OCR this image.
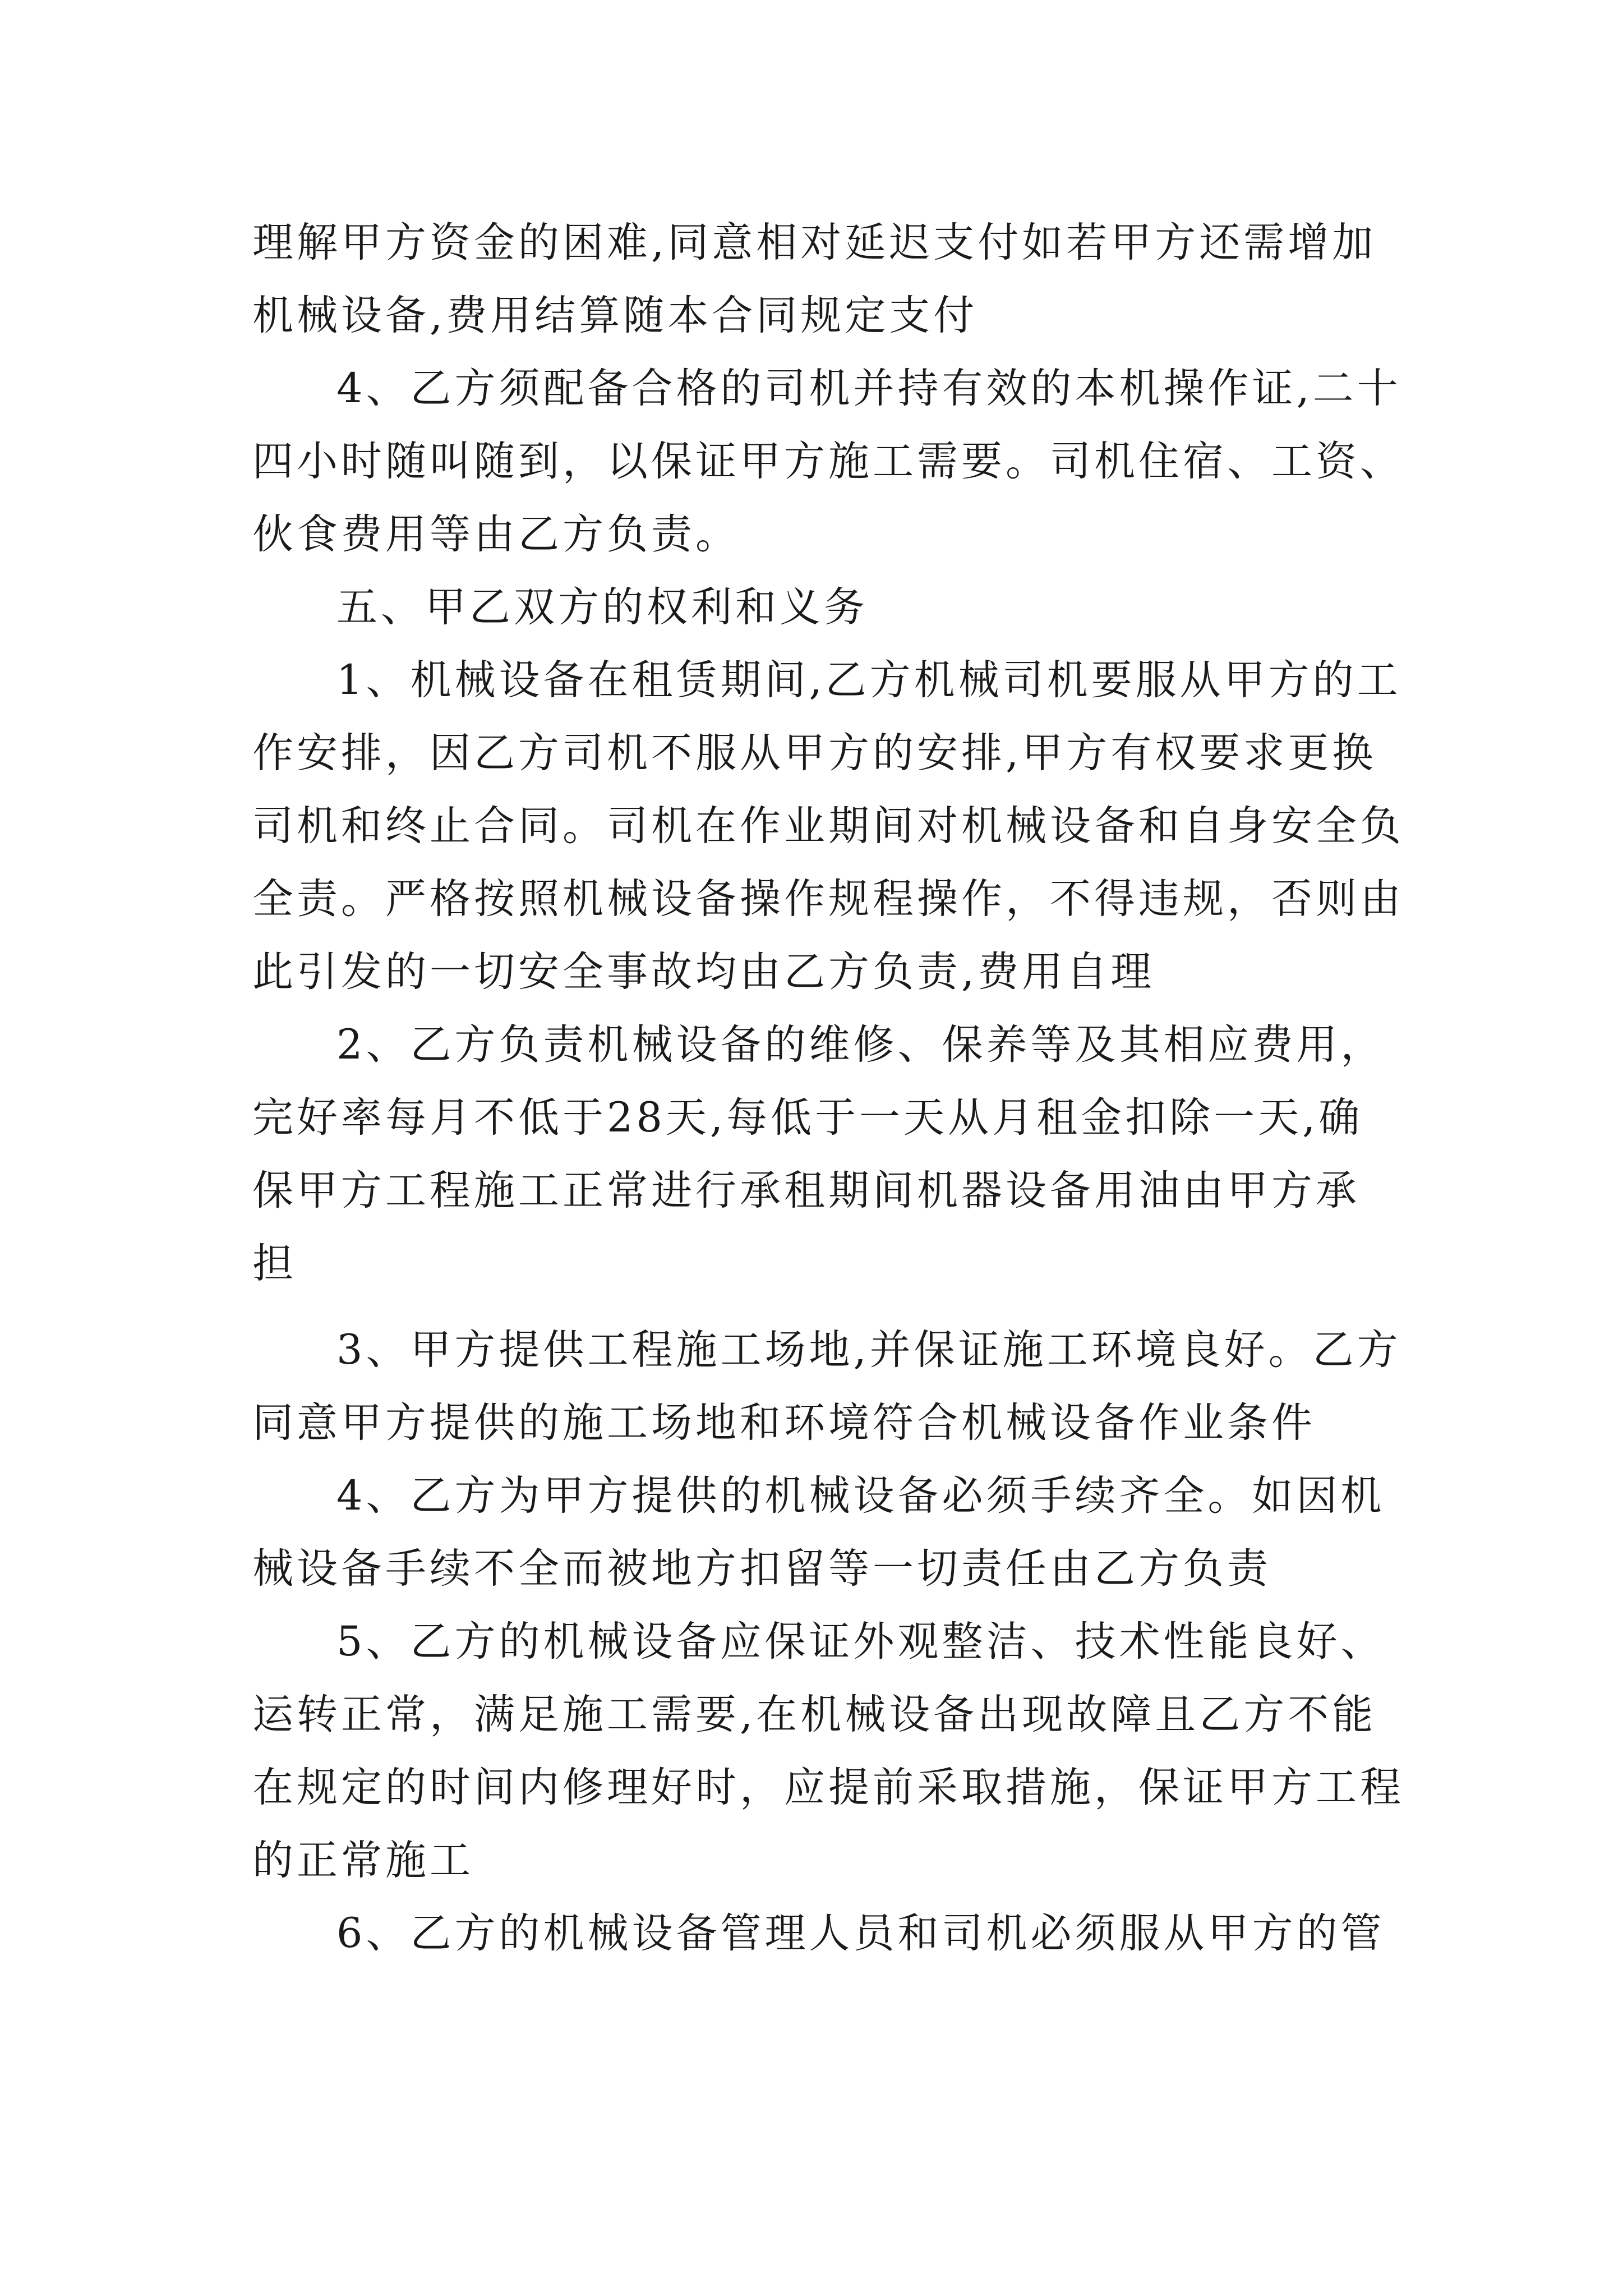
理解甲方资金的困难,同意相对延迟支付如若甲方还需增加
机械设备,费用结算随本合同规定支付
4、乙方须配备合格的司机并持有效的本机操作证,二十
四小时随叫随到，以保证甲方施工需要。司机住宿、工资、
伙食费用等由乙方负责。
五、甲乙双方的权利和义务
1、机械设备在租赁期间,乙方机械司机要服从甲方的工
作安排，因乙方司机不服从甲方的安排,甲方有权要求更换
司机和终止合同。司机在作业期间对机械设备和自身安全负
全责。严格按照机械设备操作规程操作，不得违规，否则由
此引发的一切安全事故均由乙方负责,费用自理
2、乙方负责机械设备的维修、保养等及其相应费用，
完好率每月不低于28天,每低于一天从月租金扣除一天,确
保甲方工程施工正常进行承租期间机器设备用油由甲方承
担
3、甲方提供工程施工场地,并保证施工环境良好。乙方
同意甲方提供的施工场地和环境符合机械设备作业条件
4、乙方为甲方提供的机械设备必须手续齐全。如因机
械设备手续不全而被地方扣留等一切责任由乙方负责
5、乙方的机械设备应保证外观整洁、技术性能良好、
运转正常，满足施工需要,在机械设备出现故障且乙方不能
在规定的时间内修理好时，应提前采取措施，保证甲方工程
的正常施工
6、乙方的机械设备管理人员和司机必须服从甲方的管
